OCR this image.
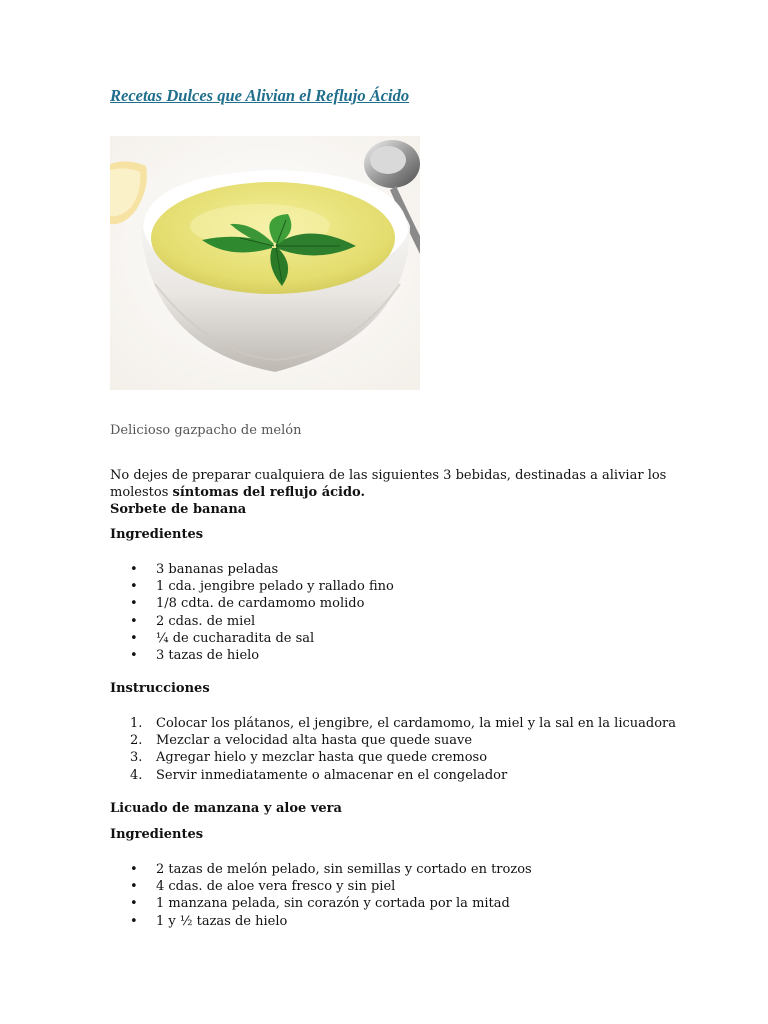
Recetas Dulces que Alivian el Reflujo Ácido
Delicioso gazpacho de melón
No dejes de preparar cualquiera de las siguientes 3 bebidas, destinadas a aliviar los
molestos síntomas del reflujo ácido.
Sorbete de banana
Ingredientes
• 3 bananas peladas
• 1 cda. jengibre pelado y rallado fino
• 1/8 cdta. de cardamomo molido
• 2 cdas. de miel
• ¼ de cucharadita de sal
• 3 tazas de hielo
Instrucciones
1. Colocar los plátanos, el jengibre, el cardamomo, la miel y la sal en la licuadora
2. Mezclar a velocidad alta hasta que quede suave
3. Agregar hielo y mezclar hasta que quede cremoso
4. Servir inmediatamente o almacenar en el congelador
Licuado de manzana y aloe vera
Ingredientes
• 2 tazas de melón pelado, sin semillas y cortado en trozos
• 4 cdas. de aloe vera fresco y sin piel
• 1 manzana pelada, sin corazón y cortada por la mitad
• 1 y ½ tazas de hielo
